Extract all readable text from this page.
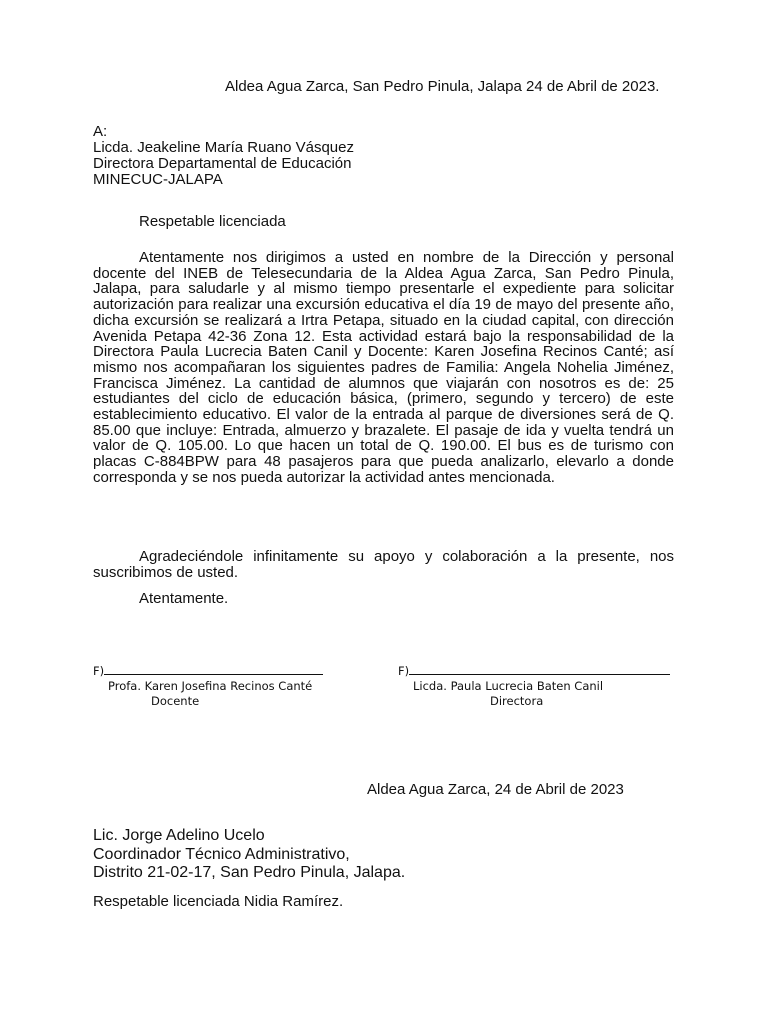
Aldea Agua Zarca, San Pedro Pinula, Jalapa 24 de Abril de 2023.
A:
Licda. Jeakeline María Ruano Vásquez
Directora Departamental de Educación
MINECUC-JALAPA
Respetable licenciada
Atentamente nos dirigimos a usted en nombre de la Dirección y personal docente del INEB de Telesecundaria de la Aldea Agua Zarca, San Pedro Pinula, Jalapa, para saludarle y al mismo tiempo presentarle el expediente para solicitar autorización para realizar una excursión educativa el día 19 de mayo del presente año, dicha excursión se realizará a Irtra Petapa, situado en la ciudad capital, con dirección Avenida Petapa 42-36 Zona 12. Esta actividad estará bajo la responsabilidad de la Directora Paula Lucrecia Baten Canil y Docente: Karen Josefina Recinos Canté; así mismo nos acompañaran los siguientes padres de Familia: Angela Nohelia Jiménez, Francisca Jiménez. La cantidad de alumnos que viajarán con nosotros es de: 25 estudiantes del ciclo de educación básica, (primero, segundo y tercero) de este establecimiento educativo. El valor de la entrada al parque de diversiones será de Q. 85.00 que incluye: Entrada, almuerzo y brazalete. El pasaje de ida y vuelta tendrá un valor de Q. 105.00. Lo que hacen un total de Q. 190.00. El bus es de turismo con placas C-884BPW para 48 pasajeros para que pueda analizarlo, elevarlo a donde corresponda y se nos pueda autorizar la actividad antes mencionada.
Agradeciéndole infinitamente su apoyo y colaboración a la presente, nos suscribimos de usted.
Atentamente.
F)
Profa. Karen Josefina Recinos Canté
Docente
F)
Licda. Paula Lucrecia Baten Canil
Directora
Aldea Agua Zarca, 24 de Abril de 2023
Lic. Jorge Adelino Ucelo
Coordinador Técnico Administrativo,
Distrito 21-02-17, San Pedro Pinula, Jalapa.
Respetable licenciada Nidia Ramírez.
